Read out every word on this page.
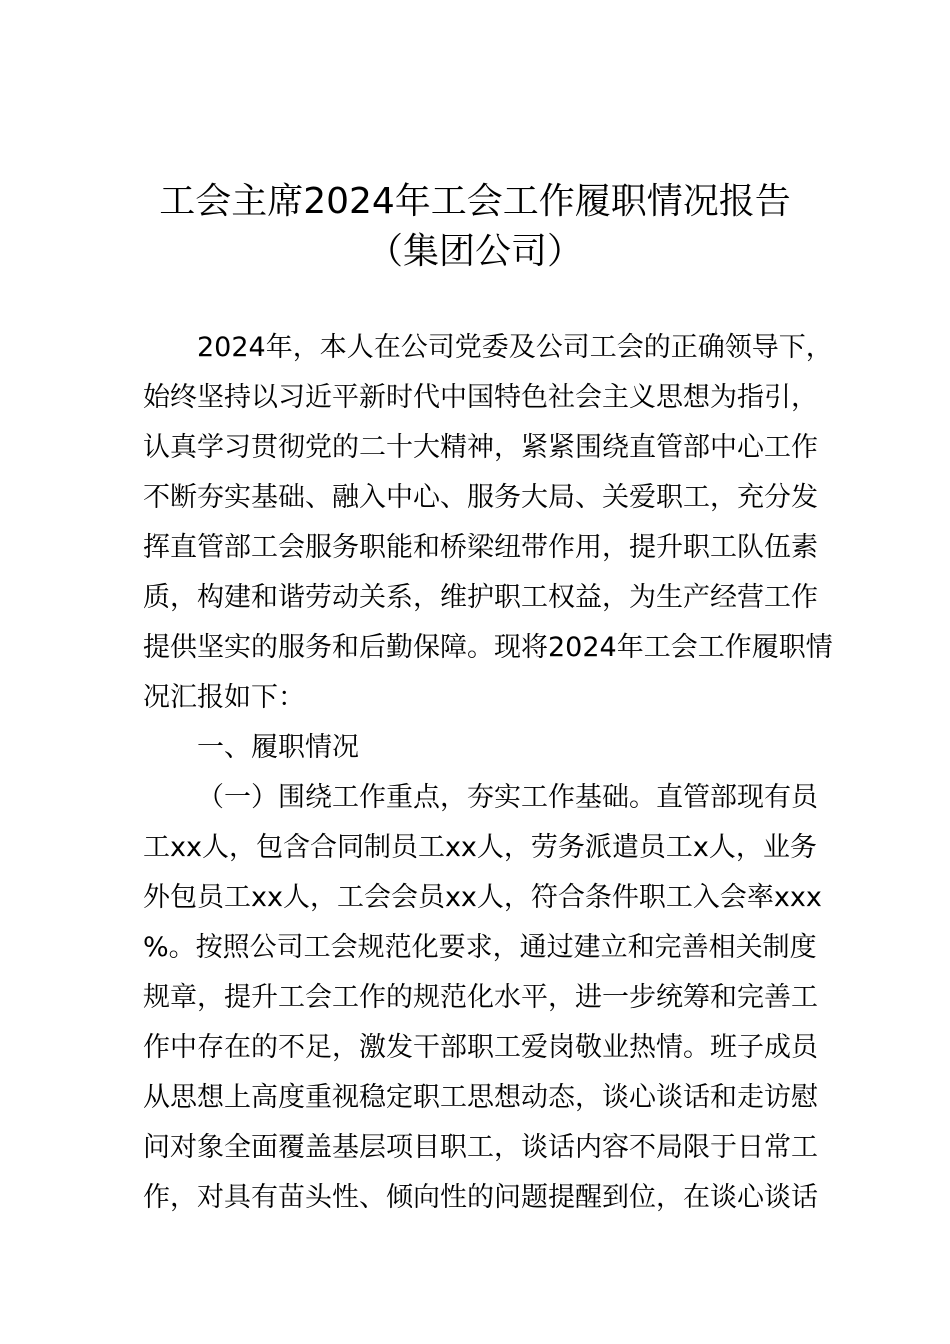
工会主席2024年工会工作履职情况报告
（集团公司）
2024年，本人在公司党委及公司工会的正确领导下，
始终坚持以习近平新时代中国特色社会主义思想为指引，
认真学习贯彻党的二十大精神，紧紧围绕直管部中心工作
不断夯实基础、融入中心、服务大局、关爱职工，充分发
挥直管部工会服务职能和桥梁纽带作用，提升职工队伍素
质，构建和谐劳动关系，维护职工权益，为生产经营工作
提供坚实的服务和后勤保障。现将2024年工会工作履职情
况汇报如下：
一、履职情况
（一）围绕工作重点，夯实工作基础。直管部现有员
工xx人，包含合同制员工xx人，劳务派遣员工x人，业务
外包员工xx人，工会会员xx人，符合条件职工入会率xxx
%。按照公司工会规范化要求，通过建立和完善相关制度
规章，提升工会工作的规范化水平，进一步统筹和完善工
作中存在的不足，激发干部职工爱岗敬业热情。班子成员
从思想上高度重视稳定职工思想动态，谈心谈话和走访慰
问对象全面覆盖基层项目职工，谈话内容不局限于日常工
作，对具有苗头性、倾向性的问题提醒到位，在谈心谈话
